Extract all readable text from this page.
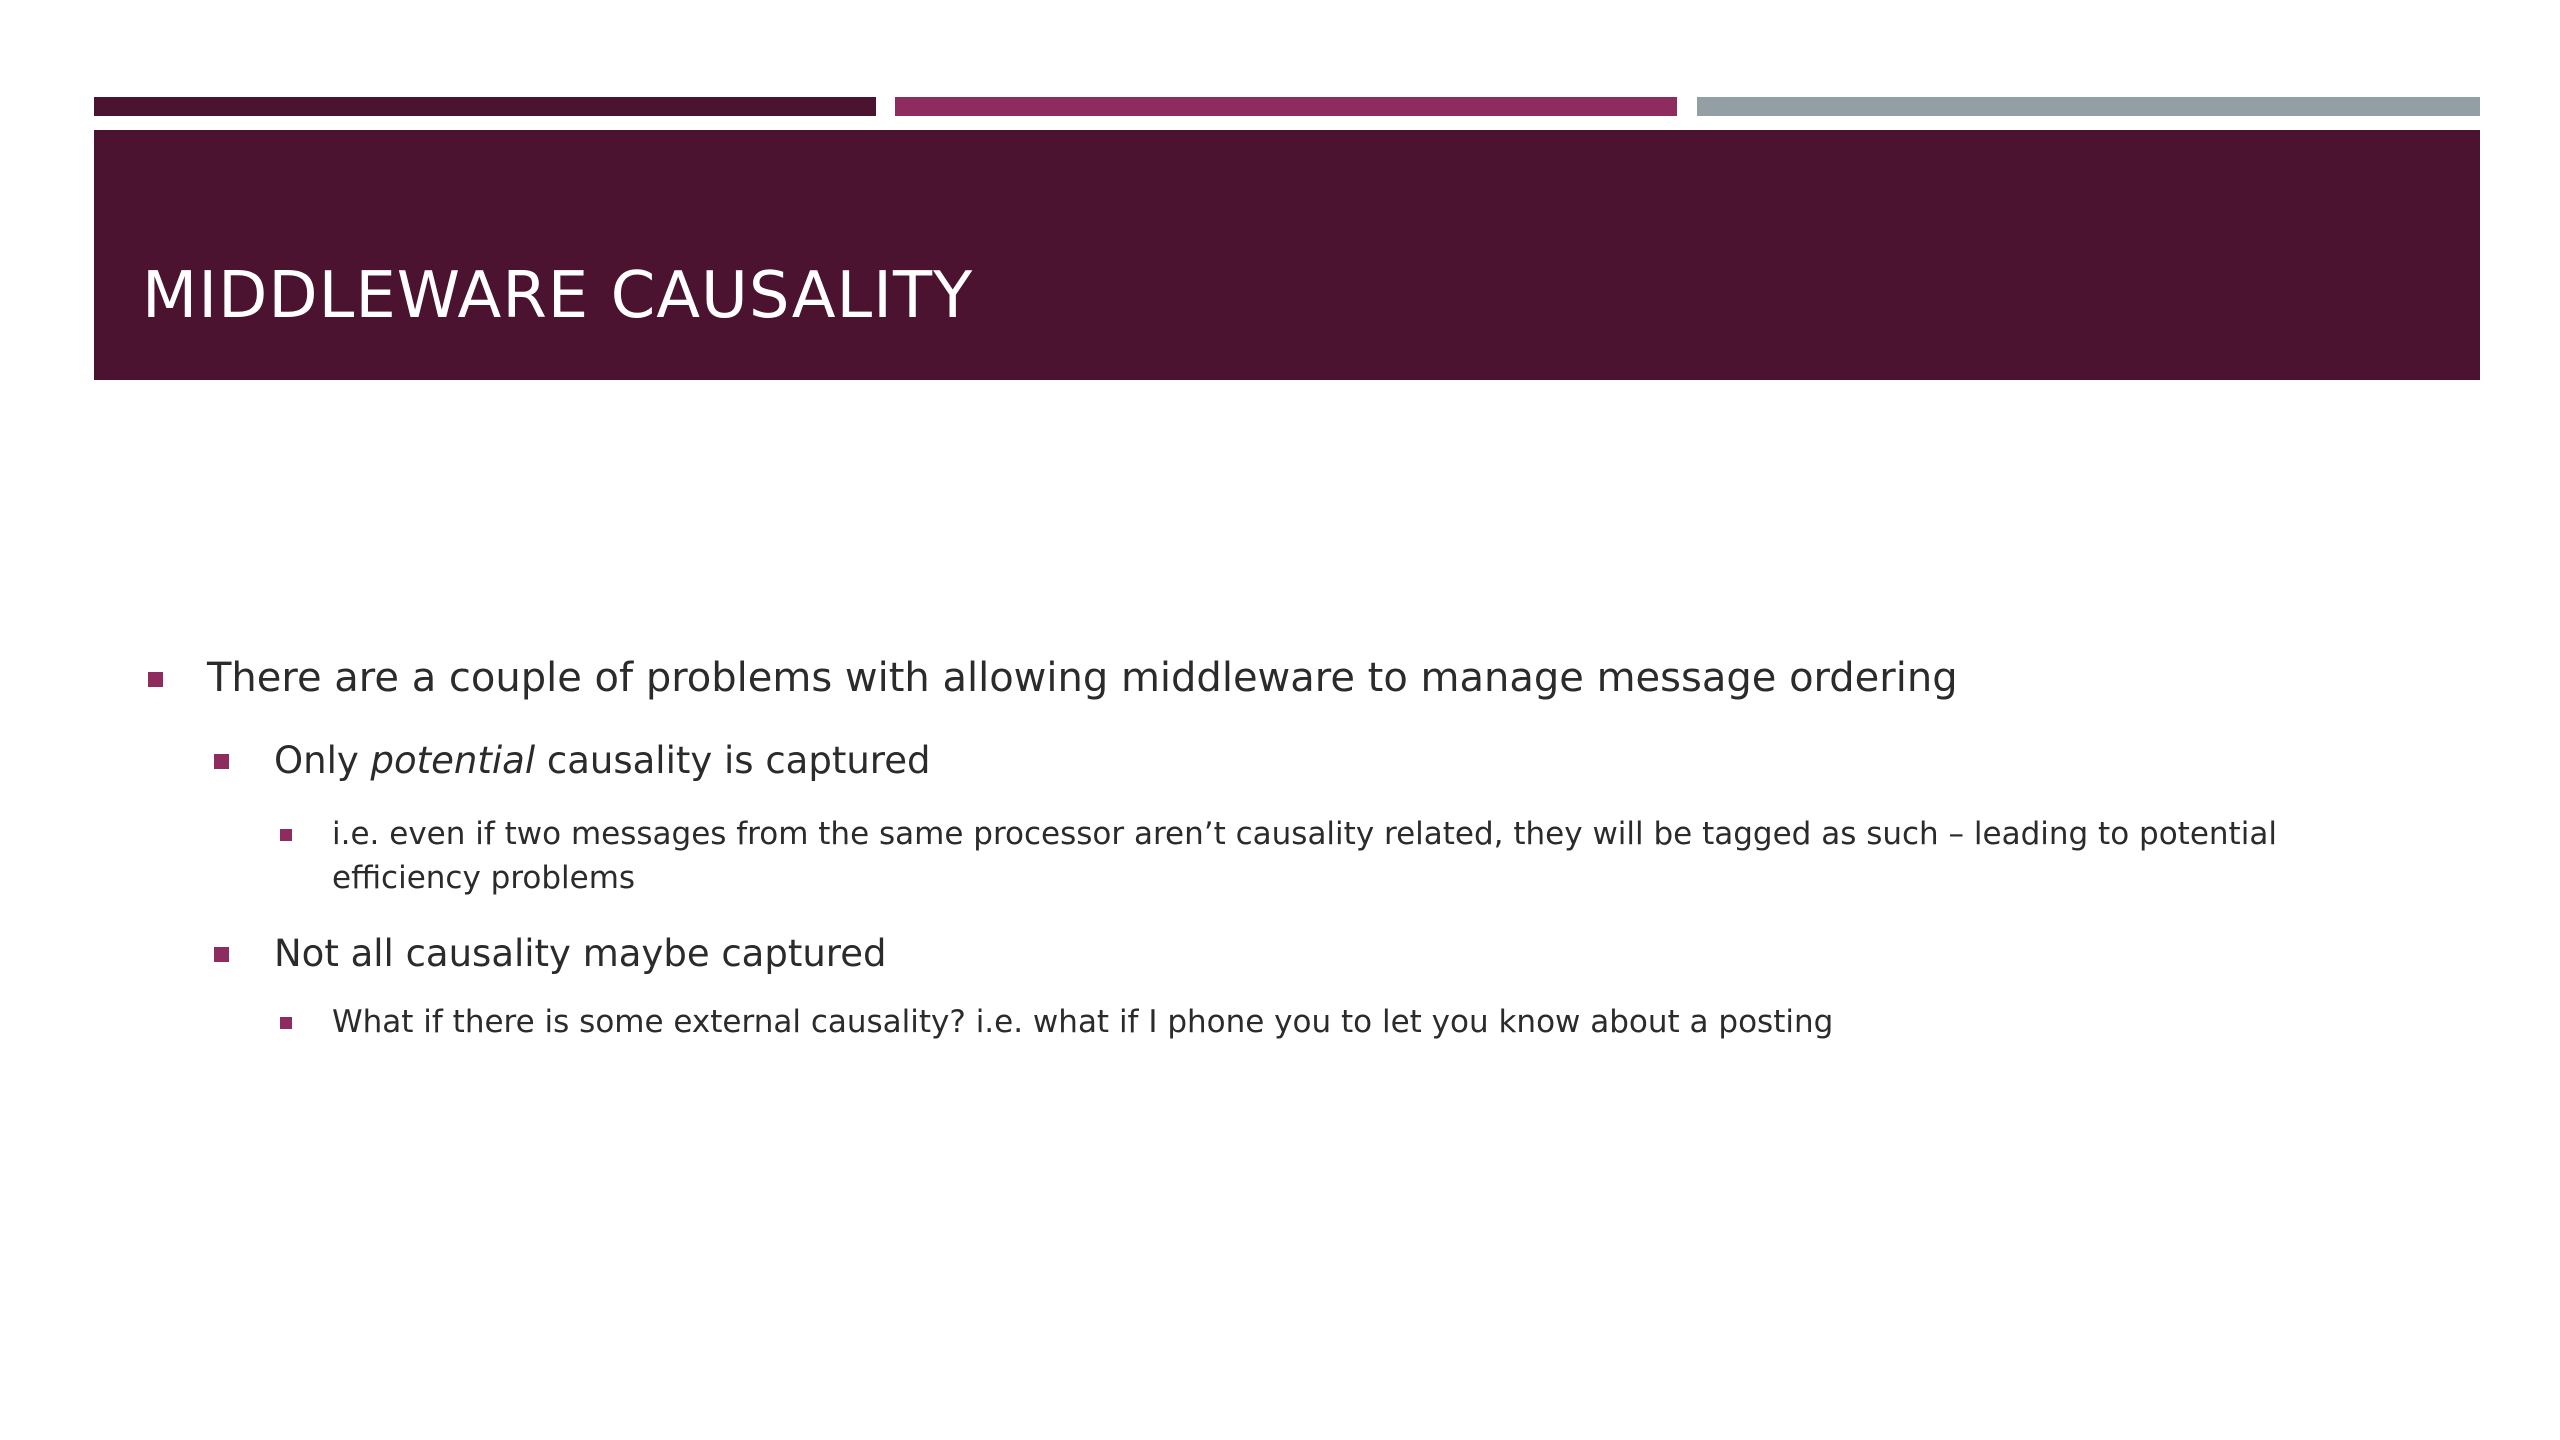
MIDDLEWARE CAUSALITY
There are a couple of problems with allowing middleware to manage message ordering
Only potential causality is captured
i.e. even if two messages from the same processor aren’t causality related, they will be tagged as such – leading to potential efficiency problems
Not all causality maybe captured
What if there is some external causality? i.e. what if I phone you to let you know about a posting
